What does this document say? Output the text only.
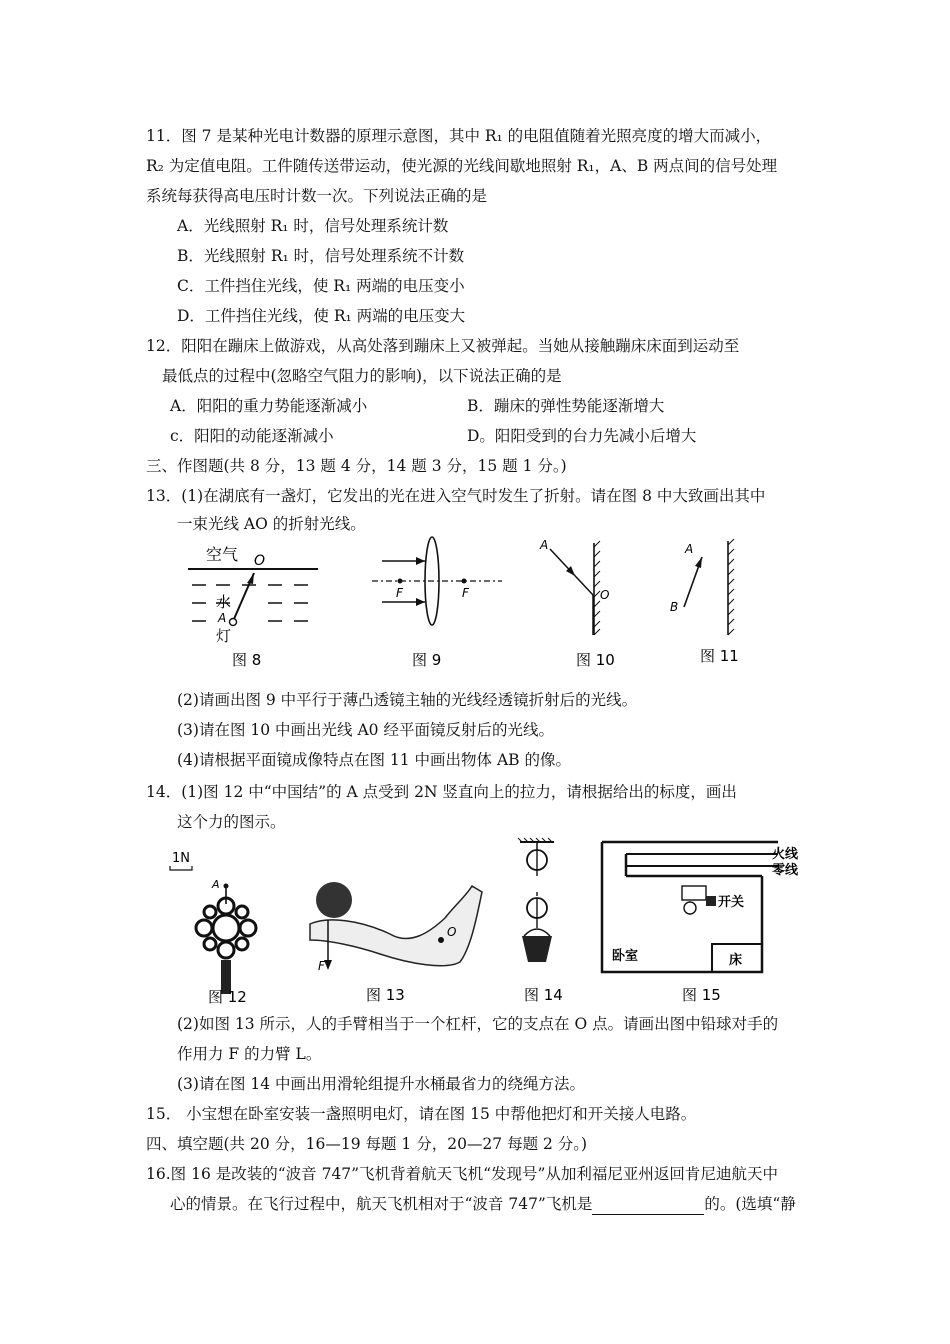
11．图 7 是某种光电计数器的原理示意图，其中 R₁ 的电阻值随着光照亮度的增大而减小，
R₂ 为定值电阻。工件随传送带运动，使光源的光线间歇地照射 R₁，A、B 两点间的信号处理
系统每获得高电压时计数一次。下列说法正确的是
A．光线照射 R₁ 时，信号处理系统计数
B．光线照射 R₁ 时，信号处理系统不计数
C．工件挡住光线，使 R₁ 两端的电压变小
D．工件挡住光线，使 R₁ 两端的电压变大
12．阳阳在蹦床上做游戏，从高处落到蹦床上又被弹起。当她从接触蹦床床面到运动至
最低点的过程中(忽略空气阻力的影响)，以下说法正确的是
A．阳阳的重力势能逐渐减小	B．蹦床的弹性势能逐渐增大
c．阳阳的动能逐渐减小	D。阳阳受到的台力先减小后增大
三、作图题(共 8 分，13 题 4 分，14 题 3 分，15 题 1 分。)
13．(1)在湖底有一盏灯，它发出的光在进入空气时发生了折射。请在图 8 中大致画出其中
一束光线 AO 的折射光线。
空气 O
水
A
灯
图 8
F	F
图 9
A
O
图 10
A
B
图 11
(2)请画出图 9 中平行于薄凸透镜主轴的光线经透镜折射后的光线。
(3)请在图 10 中画出光线 A0 经平面镜反射后的光线。
(4)请根据平面镜成像特点在图 11 中画出物体 AB 的像。
14．(1)图 12 中“中国结”的 A 点受到 2N 竖直向上的拉力，请根据给出的标度，画出
这个力的图示。
1N
A
图 12
F
O
图 13	图 14
火线
零线
开关
床
卧室
图 15
(2)如图 13 所示，人的手臂相当于一个杠杆，它的支点在 O 点。请画出图中铅球对手的
作用力 F 的力臂 L。
(3)请在图 14 中画出用滑轮组提升水桶最省力的绕绳方法。
15． 小宝想在卧室安装一盏照明电灯，请在图 15 中帮他把灯和开关接人电路。
四、填空题(共 20 分，16—19 每题 1 分，20—27 每题 2 分。)
16.图 16 是改装的“波音 747”飞机背着航天飞机“发现号”从加利福尼亚州返回肯尼迪航天中
心的情景。在飞行过程中，航天飞机相对于“波音 747”飞机是	的。(选填“静
